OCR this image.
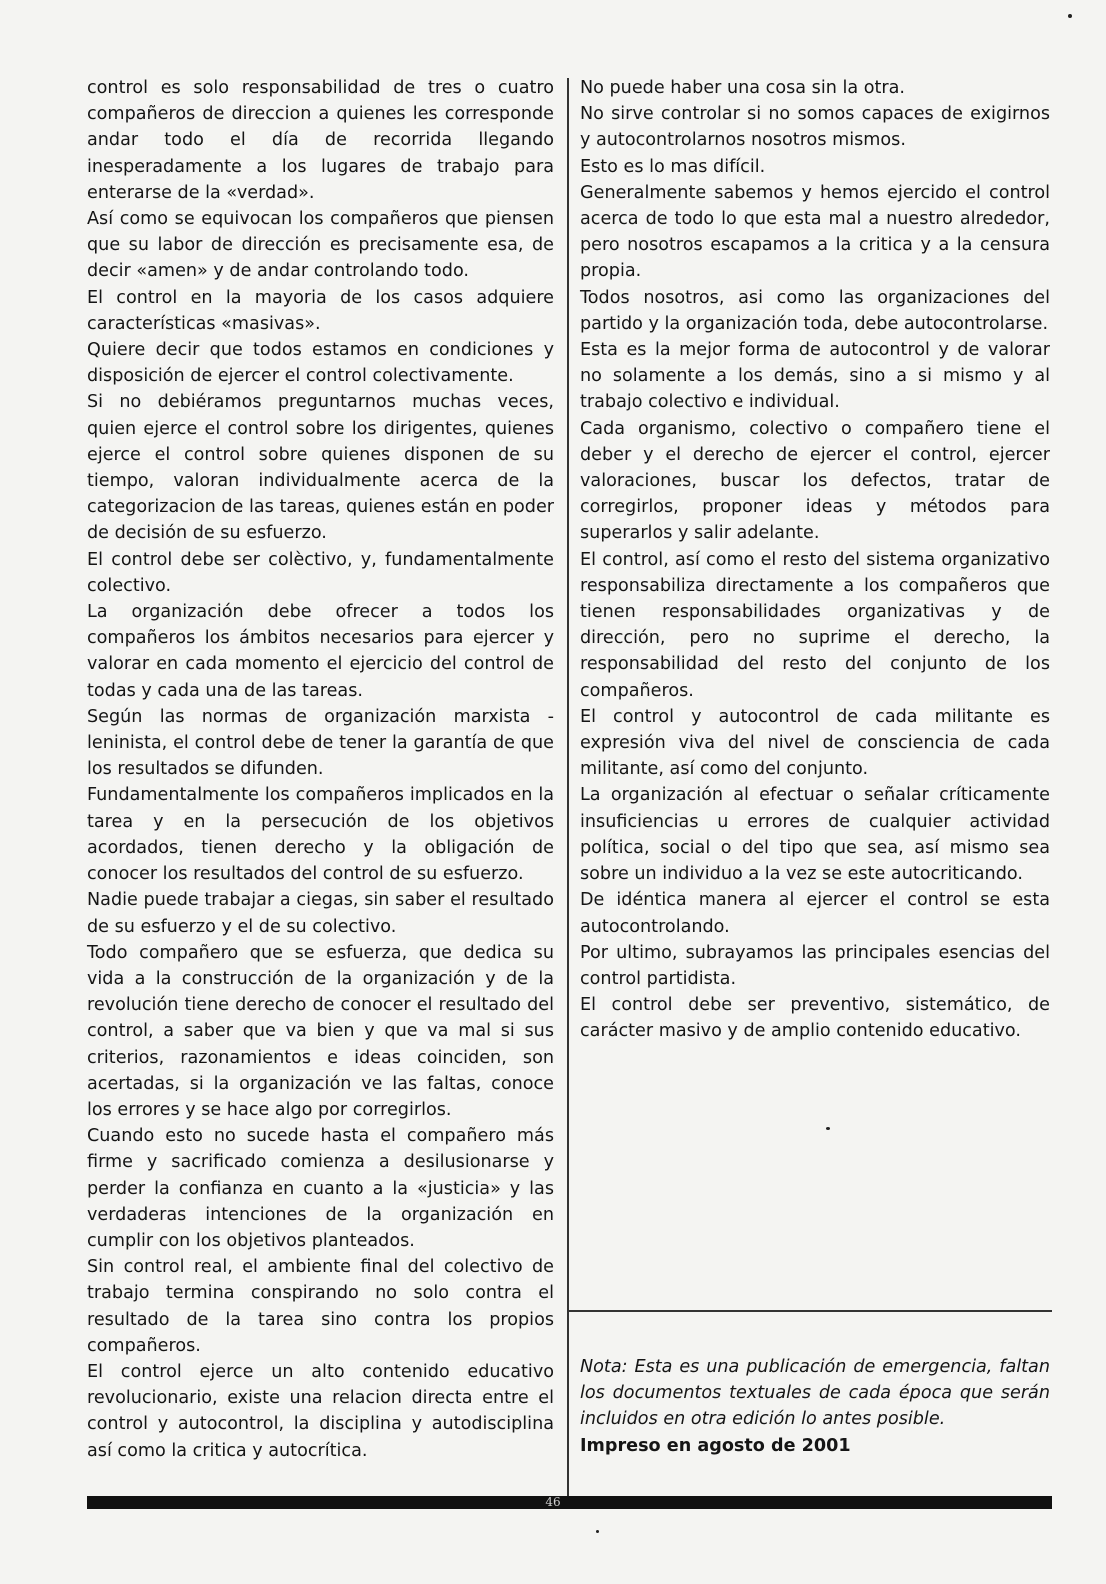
control es solo responsabilidad de tres o cuatro compañeros de direccion a quienes les corresponde andar todo el día de recorrida llegando inesperadamente a los lugares de trabajo para enterarse de la «verdad».

Así como se equivocan los compañeros que piensen que su labor de dirección es precisamente esa, de decir «amen» y de andar controlando todo.

El control en la mayoria de los casos adquiere características «masivas».

Quiere decir que todos estamos en condiciones y disposición de ejercer el control colectivamente.

Si no debiéramos preguntarnos muchas veces, quien ejerce el control sobre los dirigentes, quienes ejerce el control sobre quienes disponen de su tiempo, valoran individualmente acerca de la categorizacion de las tareas, quienes están en poder de decisión de su esfuerzo.

El control debe ser colèctivo, y, fundamentalmente colectivo.

La organización debe ofrecer a todos los compañeros los ámbitos necesarios para ejercer y valorar en cada momento el ejercicio del control de todas y cada una de las tareas.

Según las normas de organización marxista - leninista, el control debe de tener la garantía de que los resultados se difunden.

Fundamentalmente los compañeros implicados en la tarea y en la persecución de los objetivos acordados, tienen derecho y la obligación de conocer los resultados del control de su esfuerzo.

Nadie puede trabajar a ciegas, sin saber el resultado de su esfuerzo y el de su colectivo.

Todo compañero que se esfuerza, que dedica su vida a la construcción de la organización y de la revolución tiene derecho de conocer el resultado del control, a saber que va bien y que va mal si sus criterios, razonamientos e ideas coinciden, son acertadas, si la organización ve las faltas, conoce los errores y se hace algo por corregirlos.

Cuando esto no sucede hasta el compañero más firme y sacrificado comienza a desilusionarse y perder la confianza en cuanto a la «justicia» y las verdaderas intenciones de la organización en cumplir con los objetivos planteados.

Sin control real, el ambiente final del colectivo de trabajo termina conspirando no solo contra el resultado de la tarea sino contra los propios compañeros.

El control ejerce un alto contenido educativo revolucionario, existe una relacion directa entre el control y autocontrol, la disciplina y autodisciplina así como la critica y autocrítica.

No puede haber una cosa sin la otra.

No sirve controlar si no somos capaces de exigirnos y autocontrolarnos nosotros mismos.

Esto es lo mas difícil.

Generalmente sabemos y hemos ejercido el control acerca de todo lo que esta mal a nuestro alrededor, pero nosotros escapamos a la critica y a la censura propia.

Todos nosotros, asi como las organizaciones del partido y la organización toda, debe autocontrolarse.

Esta es la mejor forma de autocontrol y de valorar no solamente a los demás, sino a si mismo y al trabajo colectivo e individual.

Cada organismo, colectivo o compañero tiene el deber y el derecho de ejercer el control, ejercer valoraciones, buscar los defectos, tratar de corregirlos, proponer ideas y métodos para superarlos y salir adelante.

El control, así como el resto del sistema organizativo responsabiliza directamente a los compañeros que tienen responsabilidades organizativas y de dirección, pero no suprime el derecho, la responsabilidad del resto del conjunto de los compañeros.

El control y autocontrol de cada militante es expresión viva del nivel de consciencia de cada militante, así como del conjunto.

La organización al efectuar o señalar críticamente insuficiencias u errores de cualquier actividad política, social o del tipo que sea, así mismo sea sobre un individuo a la vez se este autocriticando.

De idéntica manera al ejercer el control se esta autocontrolando.

Por ultimo, subrayamos las principales esencias del control partidista.

El control debe ser preventivo, sistemático, de carácter masivo y de amplio contenido educativo.

Nota: Esta es una publicación de emergencia, faltan los documentos textuales de cada época que serán incluidos en otra edición lo antes posible.

Impreso en agosto de 2001

46
